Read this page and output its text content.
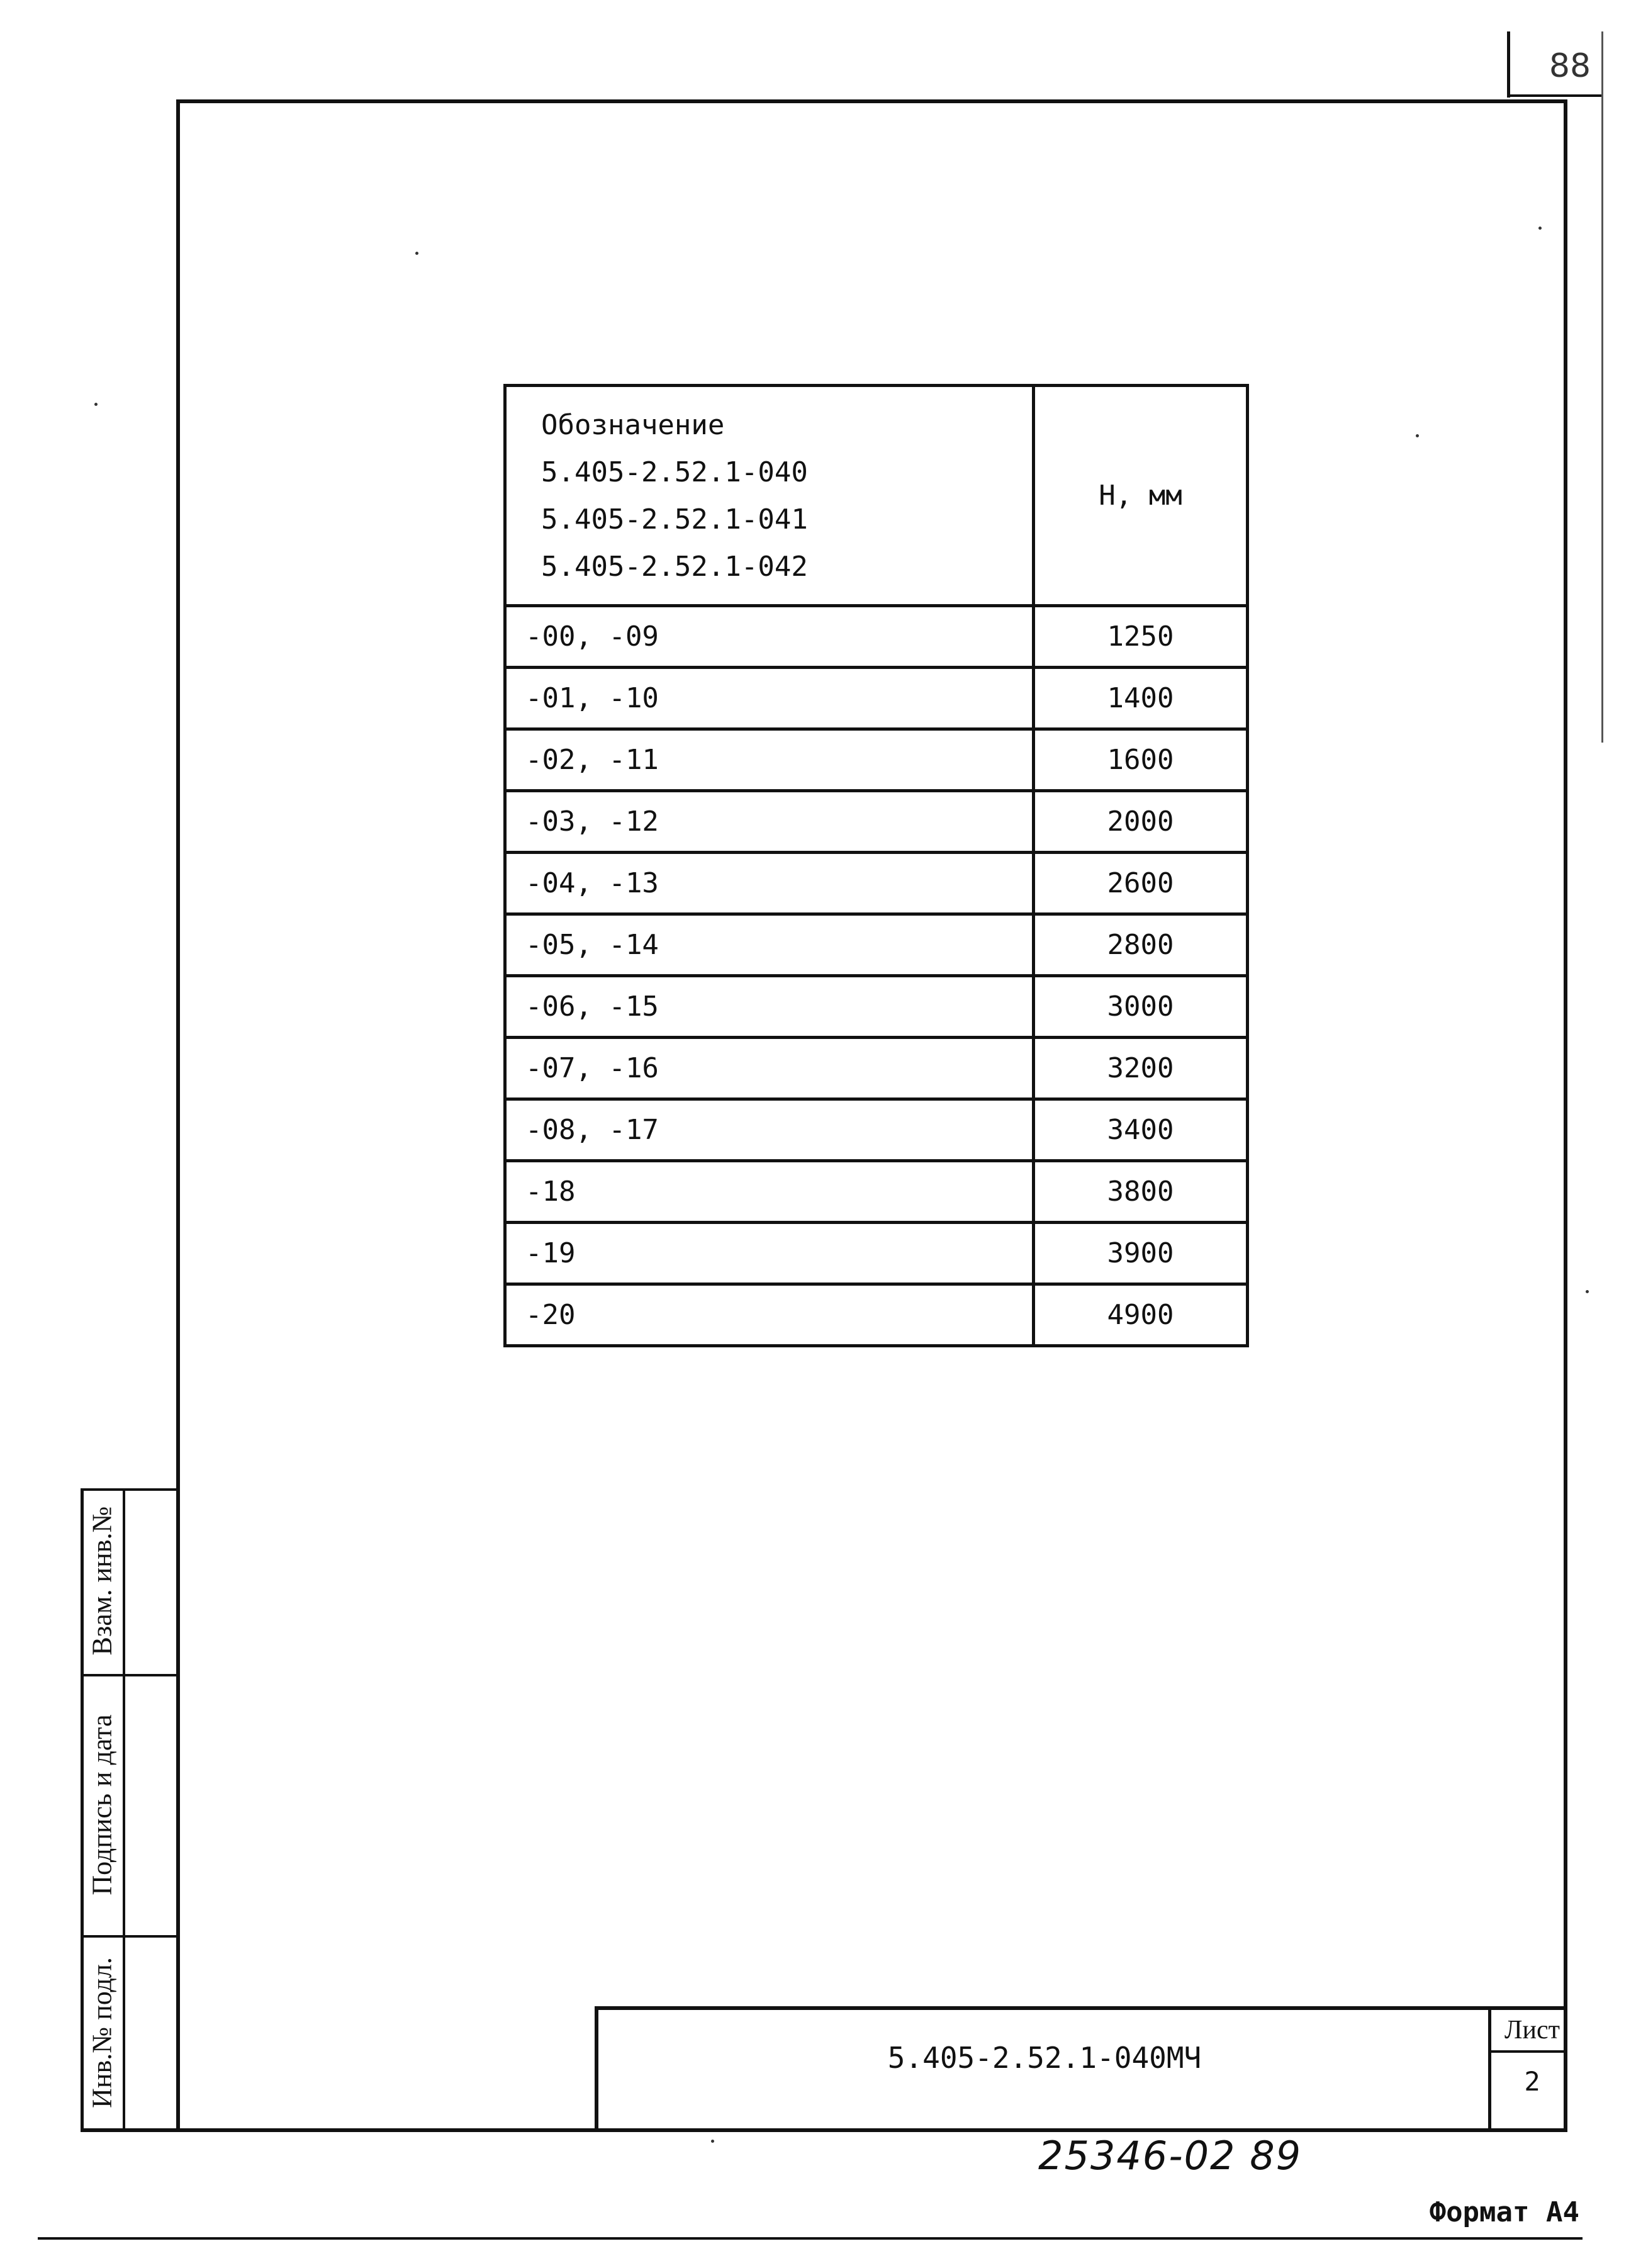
88
Взам. инв.№
Подпись и дата
Инв.№ подл.
Обозначение
5.405-2.52.1-040
5.405-2.52.1-041
5.405-2.52.1-042	Н, мм
-00, -09	1250
-01, -10	1400
-02, -11	1600
-03, -12	2000
-04, -13	2600
-05, -14	2800
-06, -15	3000
-07, -16	3200
-08, -17	3400
-18	3800
-19	3900
-20	4900
5.405-2.52.1-040МЧ
Лист
2
25346-02 89
Формат А4
